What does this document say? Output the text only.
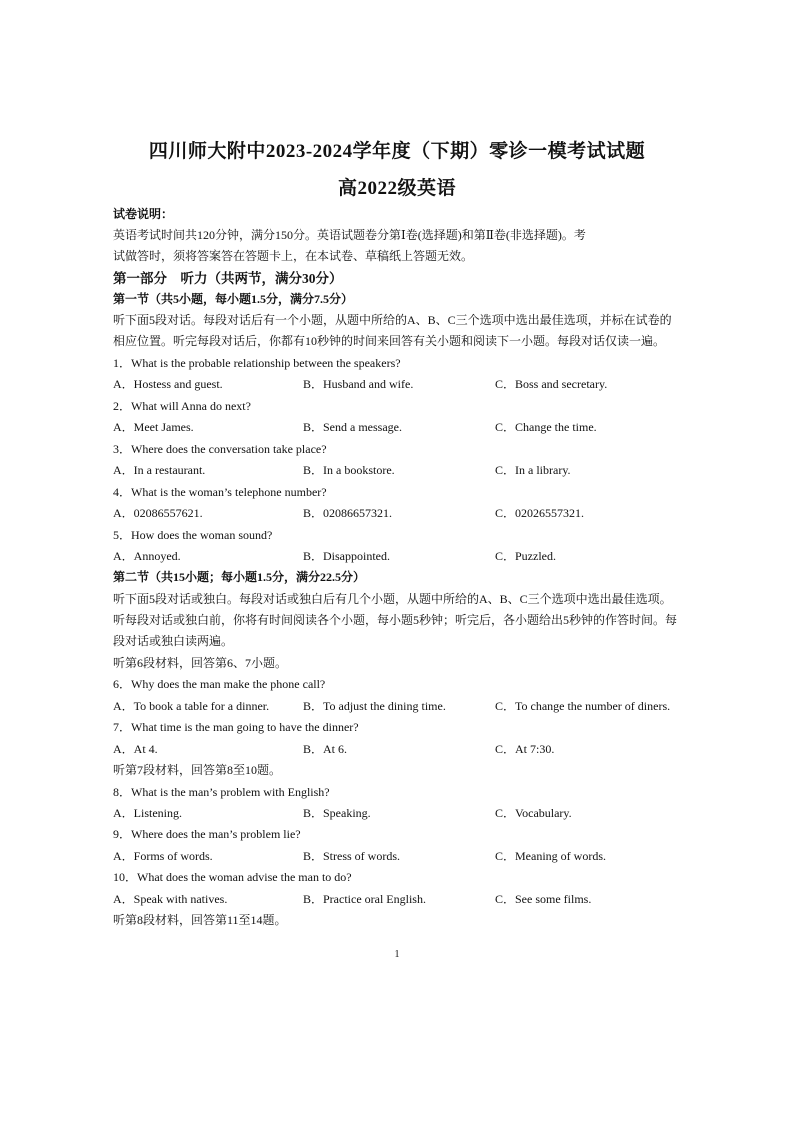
四川师大附中2023-2024学年度（下期）零诊一模考试试题
高2022级英语
试卷说明：
英语考试时间共120分钟，满分150分。英语试题卷分第Ⅰ卷(选择题)和第Ⅱ卷(非选择题)。考
试做答时，须将答案答在答题卡上，在本试卷、草稿纸上答题无效。
第一部分　听力（共两节，满分30分）
第一节（共5小题，每小题1.5分，满分7.5分）
听下面5段对话。每段对话后有一个小题，从题中所给的A、B、C三个选项中选出最佳选项，并标在试卷的
相应位置。听完每段对话后，你都有10秒钟的时间来回答有关小题和阅读下一小题。每段对话仅读一遍。
1．What is the probable relationship between the speakers?
A．Hostess and guest.	B．Husband and wife.	C．Boss and secretary.
2．What will Anna do next?
A．Meet James.	B．Send a message.	C．Change the time.
3．Where does the conversation take place?
A．In a restaurant.	B．In a bookstore.	C．In a library.
4．What is the woman’s telephone number?
A．02086557621.	B．02086657321.	C．02026557321.
5．How does the woman sound?
A．Annoyed.	B．Disappointed.	C．Puzzled.
第二节（共15小题；每小题1.5分，满分22.5分）
听下面5段对话或独白。每段对话或独白后有几个小题，从题中所给的A、B、C三个选项中选出最佳选项。
听每段对话或独白前，你将有时间阅读各个小题，每小题5秒钟；听完后，各小题给出5秒钟的作答时间。每
段对话或独白读两遍。
听第6段材料，回答第6、7小题。
6．Why does the man make the phone call?
A．To book a table for a dinner.	B．To adjust the dining time.	C．To change the number of diners.
7．What time is the man going to have the dinner?
A．At 4.	B．At 6.	C．At 7:30.
听第7段材料，回答第8至10题。
8．What is the man’s problem with English?
A．Listening.	B．Speaking.	C．Vocabulary.
9．Where does the man’s problem lie?
A．Forms of words.	B．Stress of words.	C．Meaning of words.
10．What does the woman advise the man to do?
A．Speak with natives.	B．Practice oral English.	C．See some films.
听第8段材料，回答第11至14题。
1
